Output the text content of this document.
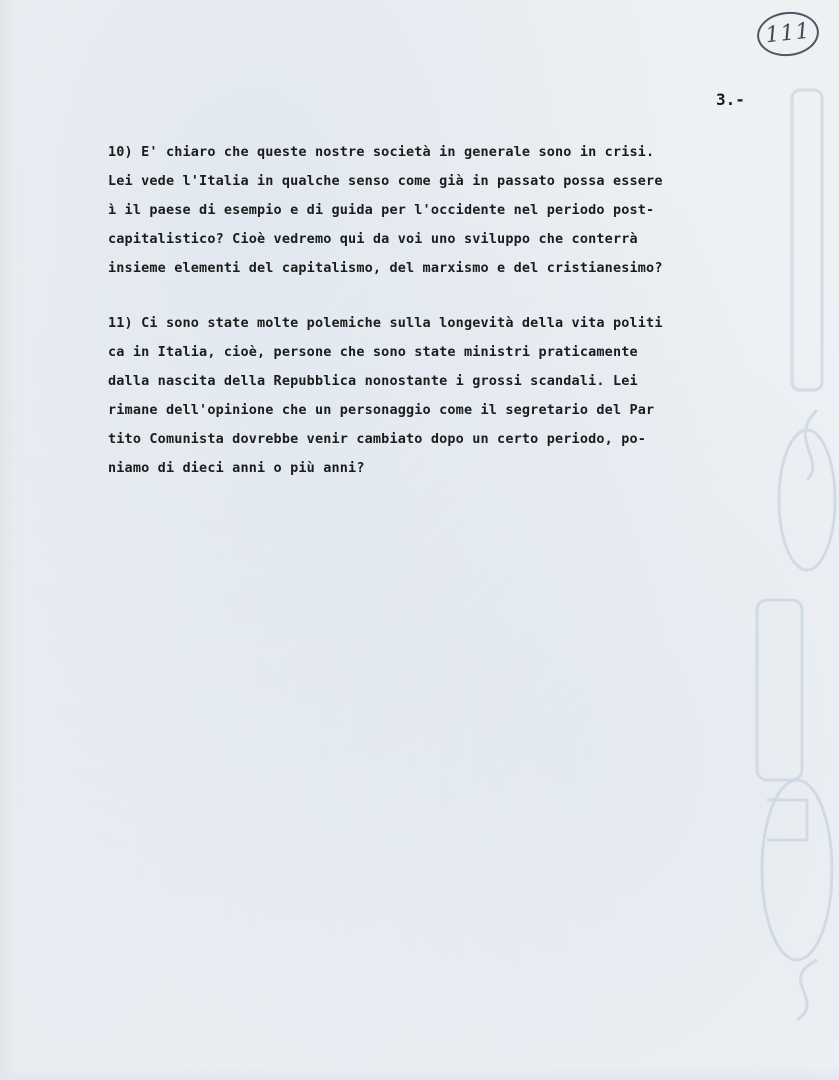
111

3.-

10) E' chiaro che queste nostre società in generale sono in crisi.
Lei vede l'Italia in qualche senso come già in passato possa essere
ì il paese di esempio e di guida per l'occidente nel periodo post-
capitalistico? Cioè vedremo qui da voi uno sviluppo che conterrà
insieme elementi del capitalismo, del marxismo e del cristianesimo?
11) Ci sono state molte polemiche sulla longevità della vita politi
ca in Italia, cioè, persone che sono state ministri praticamente
dalla nascita della Repubblica nonostante i grossi scandali. Lei
rimane dell'opinione che un personaggio come il segretario del Par
tito Comunista dovrebbe venir cambiato dopo un certo periodo, po-
niamo di dieci anni o più anni?
